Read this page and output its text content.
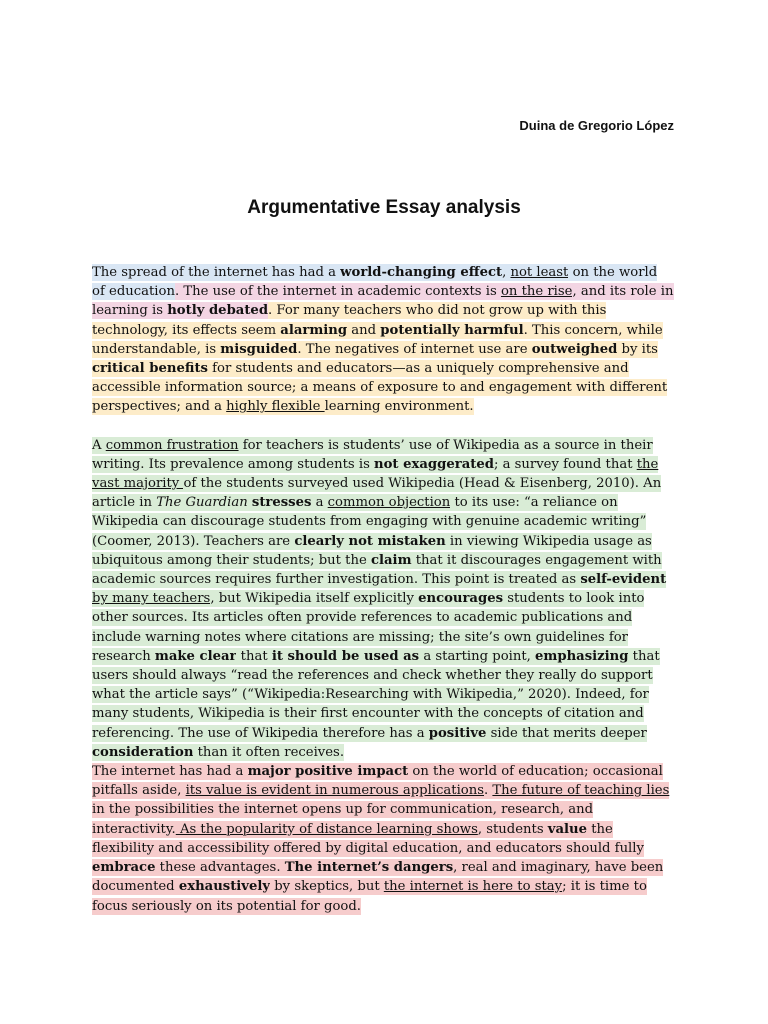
Duina de Gregorio López
Argumentative Essay analysis

The spread of the internet has had a world-changing effect, not least on the world of education. The use of the internet in academic contexts is on the rise, and its role in learning is hotly debated. For many teachers who did not grow up with this technology, its effects seem alarming and potentially harmful. This concern, while understandable, is misguided. The negatives of internet use are outweighed by its critical benefits for students and educators—as a uniquely comprehensive and accessible information source; a means of exposure to and engagement with different perspectives; and a highly flexible learning environment.

A common frustration for teachers is students’ use of Wikipedia as a source in their writing. Its prevalence among students is not exaggerated; a survey found that the vast majority of the students surveyed used Wikipedia (Head & Eisenberg, 2010). An article in The Guardian stresses a common objection to its use: “a reliance on Wikipedia can discourage students from engaging with genuine academic writing” (Coomer, 2013). Teachers are clearly not mistaken in viewing Wikipedia usage as ubiquitous among their students; but the claim that it discourages engagement with academic sources requires further investigation. This point is treated as self-evident by many teachers, but Wikipedia itself explicitly encourages students to look into other sources. Its articles often provide references to academic publications and include warning notes where citations are missing; the site’s own guidelines for research make clear that it should be used as a starting point, emphasizing that users should always “read the references and check whether they really do support what the article says” (“Wikipedia:Researching with Wikipedia,” 2020). Indeed, for many students, Wikipedia is their first encounter with the concepts of citation and referencing. The use of Wikipedia therefore has a positive side that merits deeper consideration than it often receives.

The internet has had a major positive impact on the world of education; occasional pitfalls aside, its value is evident in numerous applications. The future of teaching lies in the possibilities the internet opens up for communication, research, and interactivity. As the popularity of distance learning shows, students value the flexibility and accessibility offered by digital education, and educators should fully embrace these advantages. The internet’s dangers, real and imaginary, have been documented exhaustively by skeptics, but the internet is here to stay; it is time to focus seriously on its potential for good.
